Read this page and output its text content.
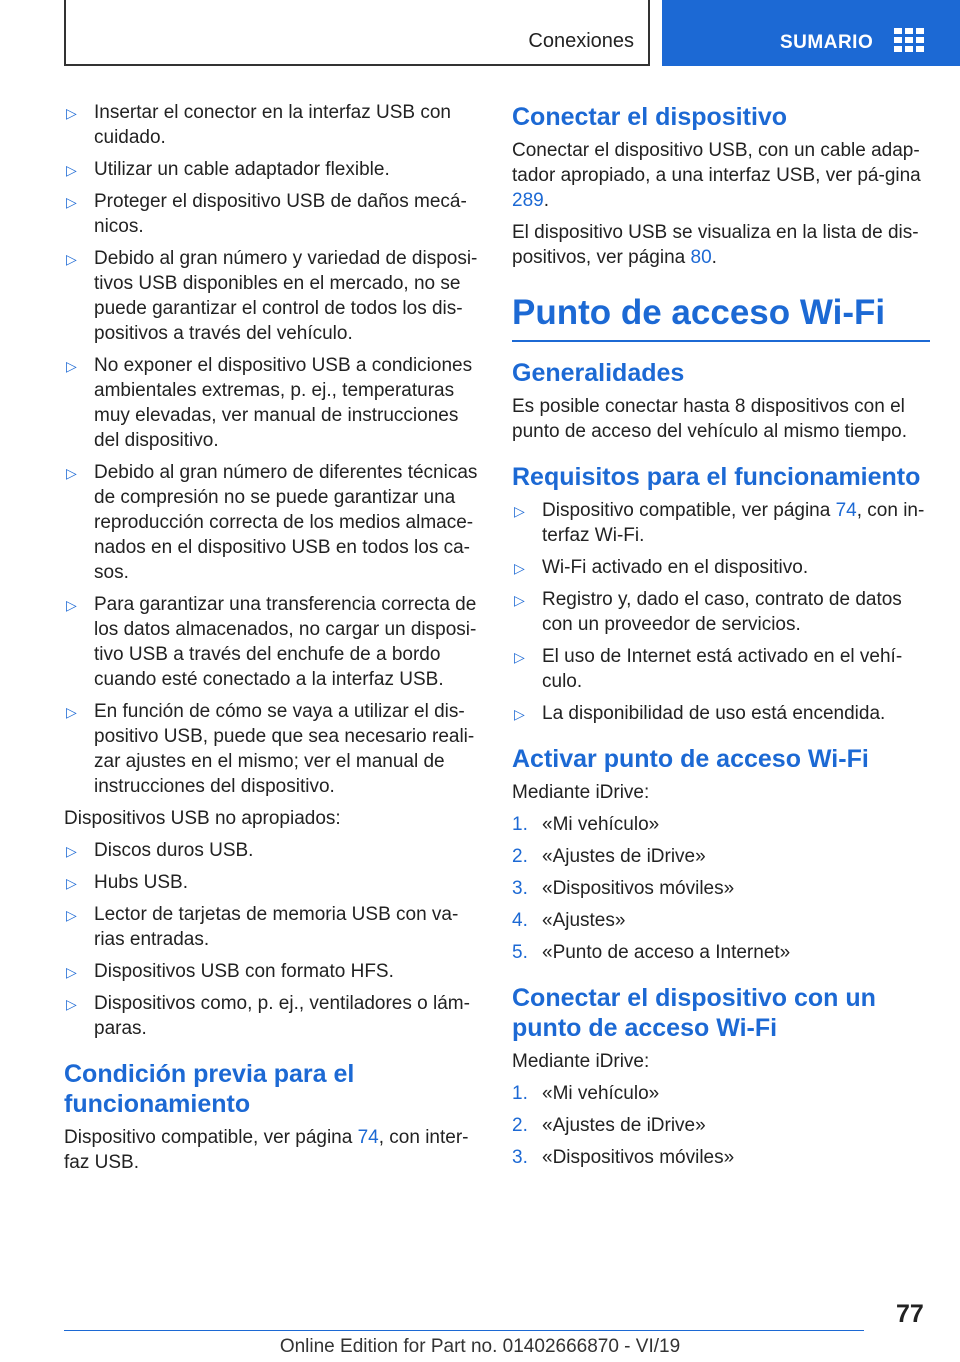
Conexiones	SUMARIO
▷ Insertar el conector en la interfaz USB con cuidado.
▷ Utilizar un cable adaptador flexible.
▷ Proteger el dispositivo USB de daños mecá-nicos.
▷ Debido al gran número y variedad de disposi-tivos USB disponibles en el mercado, no se puede garantizar el control de todos los dis-positivos a través del vehículo.
▷ No exponer el dispositivo USB a condiciones ambientales extremas, p. ej., temperaturas muy elevadas, ver manual de instrucciones del dispositivo.
▷ Debido al gran número de diferentes técnicas de compresión no se puede garantizar una reproducción correcta de los medios almace-nados en el dispositivo USB en todos los ca-sos.
▷ Para garantizar una transferencia correcta de los datos almacenados, no cargar un disposi-tivo USB a través del enchufe de a bordo cuando esté conectado a la interfaz USB.
▷ En función de cómo se vaya a utilizar el dis-positivo USB, puede que sea necesario reali-zar ajustes en el mismo; ver el manual de instrucciones del dispositivo.
Dispositivos USB no apropiados:
▷ Discos duros USB.
▷ Hubs USB.
▷ Lector de tarjetas de memoria USB con va-rias entradas.
▷ Dispositivos USB con formato HFS.
▷ Dispositivos como, p. ej., ventiladores o lám-paras.
Condición previa para el funcionamiento
Dispositivo compatible, ver página 74, con inter-faz USB.
Conectar el dispositivo
Conectar el dispositivo USB, con un cable adap-tador apropiado, a una interfaz USB, ver pá-gina 289.
El dispositivo USB se visualiza en la lista de dis-positivos, ver página 80.
Punto de acceso Wi-Fi
Generalidades
Es posible conectar hasta 8 dispositivos con el punto de acceso del vehículo al mismo tiempo.
Requisitos para el funcionamiento
▷ Dispositivo compatible, ver página 74, con in-terfaz Wi-Fi.
▷ Wi-Fi activado en el dispositivo.
▷ Registro y, dado el caso, contrato de datos con un proveedor de servicios.
▷ El uso de Internet está activado en el vehí-culo.
▷ La disponibilidad de uso está encendida.
Activar punto de acceso Wi-Fi
Mediante iDrive:
1. «Mi vehículo»
2. «Ajustes de iDrive»
3. «Dispositivos móviles»
4. «Ajustes»
5. «Punto de acceso a Internet»
Conectar el dispositivo con un punto de acceso Wi-Fi
Mediante iDrive:
1. «Mi vehículo»
2. «Ajustes de iDrive»
3. «Dispositivos móviles»
77
Online Edition for Part no. 01402666870 - VI/19
